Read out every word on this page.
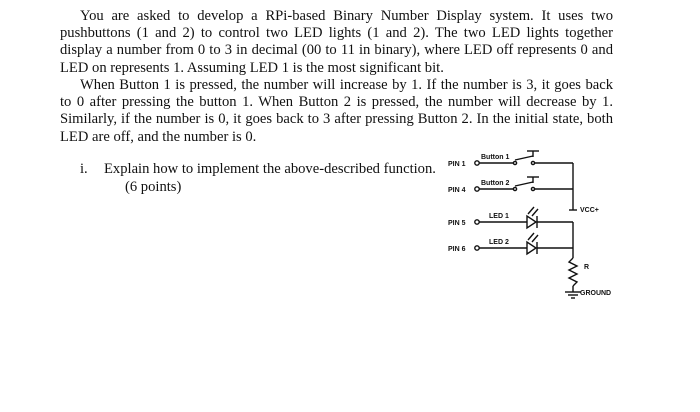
You are asked to develop a RPi-based Binary Number Display system. It uses two pushbuttons (1 and 2) to control two LED lights (1 and 2). The two LED lights together display a number from 0 to 3 in decimal (00 to 11 in binary), where LED off represents 0 and LED on represents 1. Assuming LED 1 is the most significant bit.

When Button 1 is pressed, the number will increase by 1. If the number is 3, it goes back to 0 after pressing the button 1. When Button 2 is pressed, the number will decrease by 1. Similarly, if the number is 0, it goes back to 3 after pressing Button 2. In the initial state, both LED are off, and the number is 0.

i. Explain how to implement the above-described function.
(6 points)
PIN 1
PIN 4
PIN 5
PIN 6
Button 1
Button 2
LED 1
LED 2
VCC+
R
GROUND
